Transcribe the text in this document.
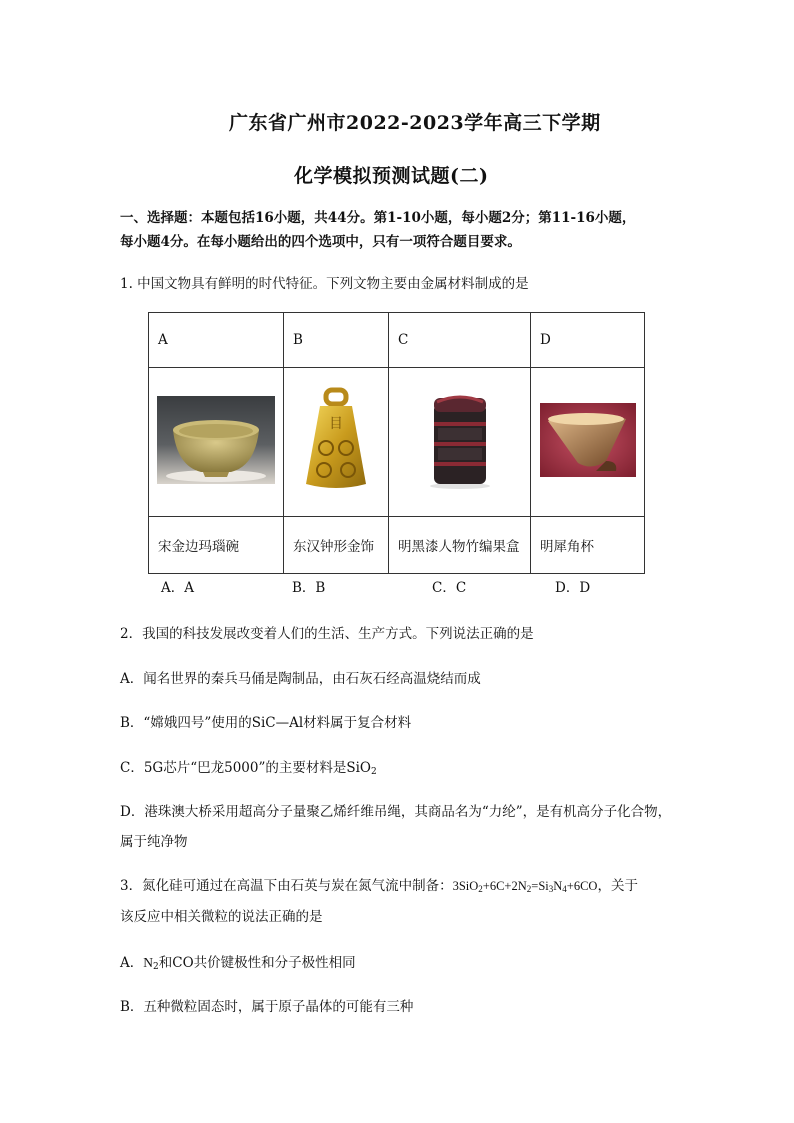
广东省广州市2022-2023学年高三下学期
化学模拟预测试题(二)
一、选择题：本题包括16小题，共44分。第1-10小题，每小题2分；第11-16小题，
每小题4分。在每小题给出的四个选项中，只有一项符合题目要求。
1. 中国文物具有鲜明的时代特征。下列文物主要由金属材料制成的是
A	B	C	D

目

宋金边玛瑙碗	东汉钟形金饰	明黑漆人物竹编果盒	明犀角杯
A．A	B．B	C．C	D．D
2．我国的科技发展改变着人们的生活、生产方式。下列说法正确的是
A．闻名世界的秦兵马俑是陶制品，由石灰石经高温烧结而成
B．“嫦娥四号”使用的SiC—Al材料属于复合材料
C．5G芯片“巴龙5000”的主要材料是SiO$_2$
D．港珠澳大桥采用超高分子量聚乙烯纤维吊绳，其商品名为“力纶”，是有机高分子化合物，
属于纯净物
3．氮化硅可通过在高温下由石英与炭在氮气流中制备：$3SiO_2+6C+2N_2=Si_3N_4+6CO$，关于
该反应中相关微粒的说法正确的是
A．$N_2$和CO共价键极性和分子极性相同
B．五种微粒固态时，属于原子晶体的可能有三种
